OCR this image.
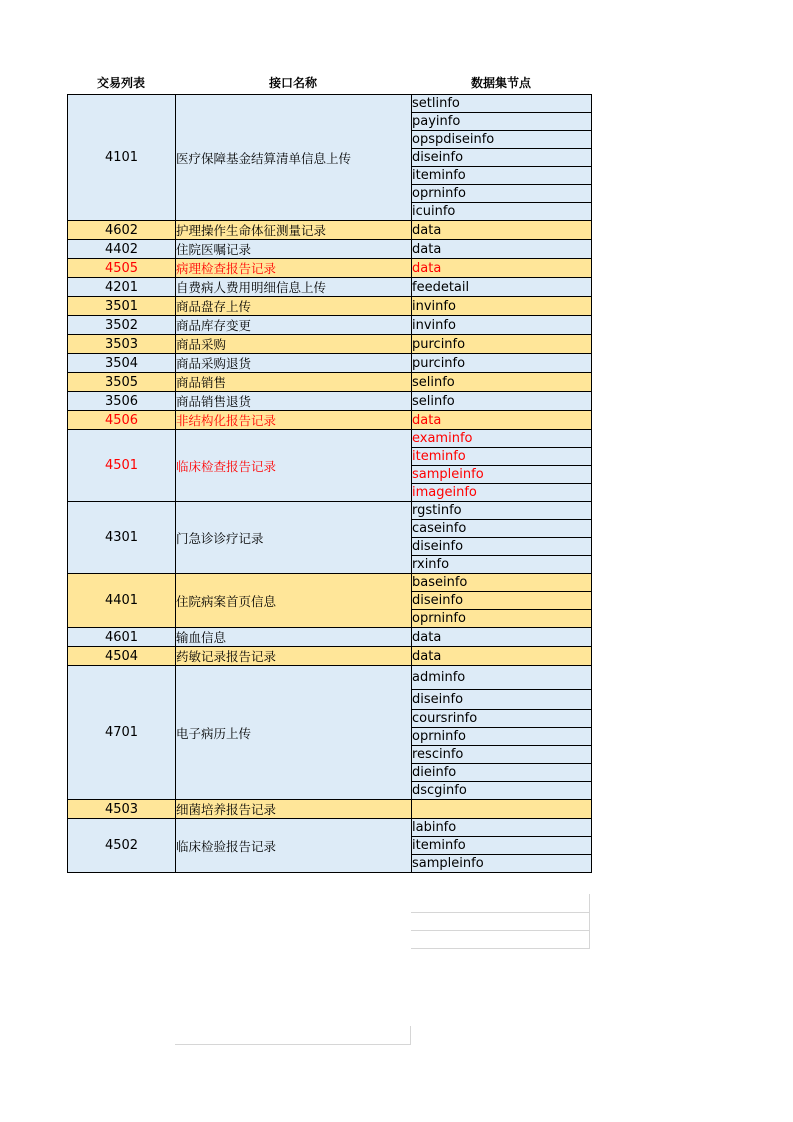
交易列表	接口名称	数据集节点
4101	医疗保障基金结算清单信息上传	setlinfo
		payinfo
		opspdiseinfo
		diseinfo
		iteminfo
		oprninfo
		icuinfo
4602	护理操作生命体征测量记录	data
4402	住院医嘱记录	data
4505	病理检查报告记录	data
4201	自费病人费用明细信息上传	feedetail
3501	商品盘存上传	invinfo
3502	商品库存变更	invinfo
3503	商品采购	purcinfo
3504	商品采购退货	purcinfo
3505	商品销售	selinfo
3506	商品销售退货	selinfo
4506	非结构化报告记录	data
4501	临床检查报告记录	examinfo
		iteminfo
		sampleinfo
		imageinfo
4301	门急诊诊疗记录	rgstinfo
		caseinfo
		diseinfo
		rxinfo
4401	住院病案首页信息	baseinfo
		diseinfo
		oprninfo
4601	输血信息	data
4504	药敏记录报告记录	data
4701	电子病历上传	adminfo
		diseinfo
		coursrinfo
		oprninfo
		rescinfo
		dieinfo
		dscginfo
4503	细菌培养报告记录	
4502	临床检验报告记录	labinfo
		iteminfo
		sampleinfo
